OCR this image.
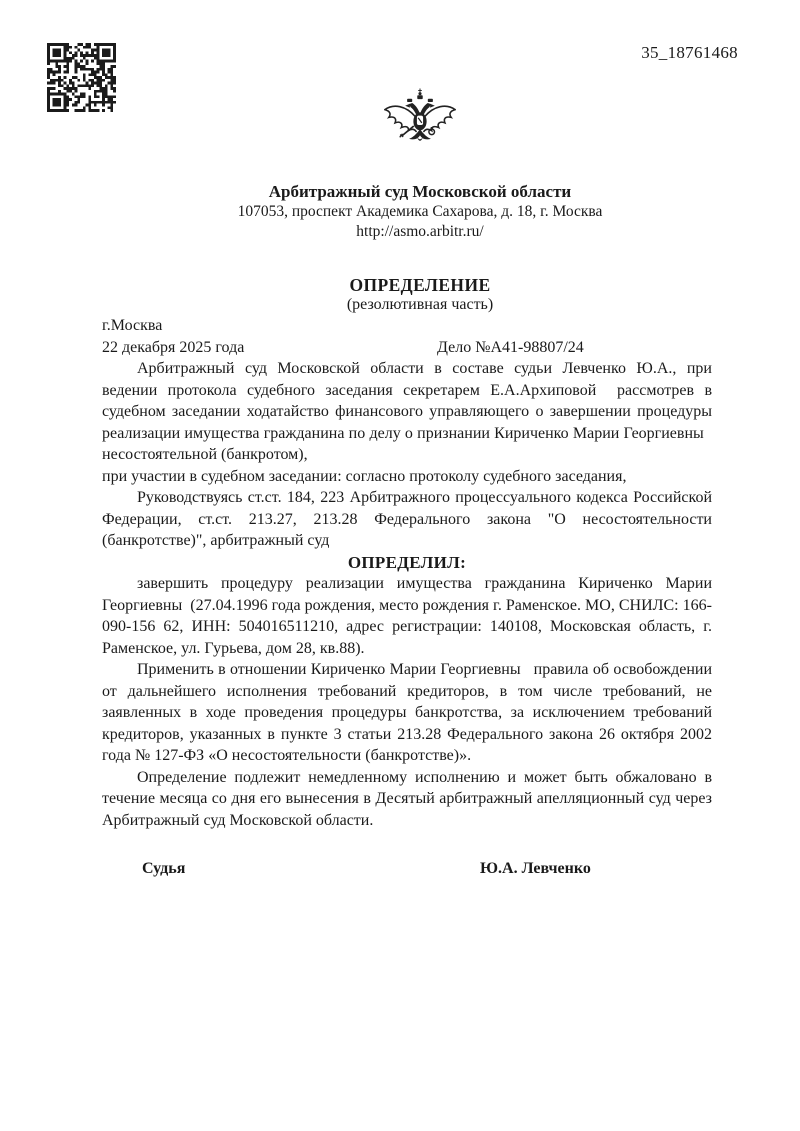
35_18761468
Арбитражный суд Московской области
107053, проспект Академика Сахарова, д. 18, г. Москва
http://asmo.arbitr.ru/
ОПРЕДЕЛЕНИЕ
(резолютивная часть)

г.Москва

22 декабря 2025 года	Дело №А41-98807/24

Арбитражный суд Московской области в составе судьи Левченко Ю.А., при ведении протокола судебного заседания секретарем Е.А.Архиповой  рассмотрев в судебном заседании ходатайство финансового управляющего о завершении процедуры реализации имущества гражданина по делу о признании Кириченко Марии Георгиевны   несостоятельной (банкротом),

при участии в судебном заседании: согласно протоколу судебного заседания,

Руководствуясь ст.ст. 184, 223 Арбитражного процессуального кодекса Российской Федерации, ст.ст. 213.27, 213.28 Федерального закона "О несостоятельности (банкротстве)", арбитражный суд

ОПРЕДЕЛИЛ:

завершить процедуру реализации имущества гражданина Кириченко Марии Георгиевны  (27.04.1996 года рождения, место рождения г. Раменское. МО, СНИЛС: 166-090-156 62, ИНН: 504016511210, адрес регистрации: 140108, Московская область, г. Раменское, ул. Гурьева, дом 28, кв.88).

Применить в отношении Кириченко Марии Георгиевны   правила об освобождении от дальнейшего исполнения требований кредиторов, в том числе требований, не заявленных в ходе проведения процедуры банкротства, за исключением требований кредиторов, указанных в пункте 3 статьи 213.28 Федерального закона 26 октября 2002 года № 127-ФЗ «О несостоятельности (банкротстве)».

Определение подлежит немедленному исполнению и может быть обжаловано в течение месяца со дня его вынесения в Десятый арбитражный апелляционный суд через Арбитражный суд Московской области.

Судья	Ю.А. Левченко
